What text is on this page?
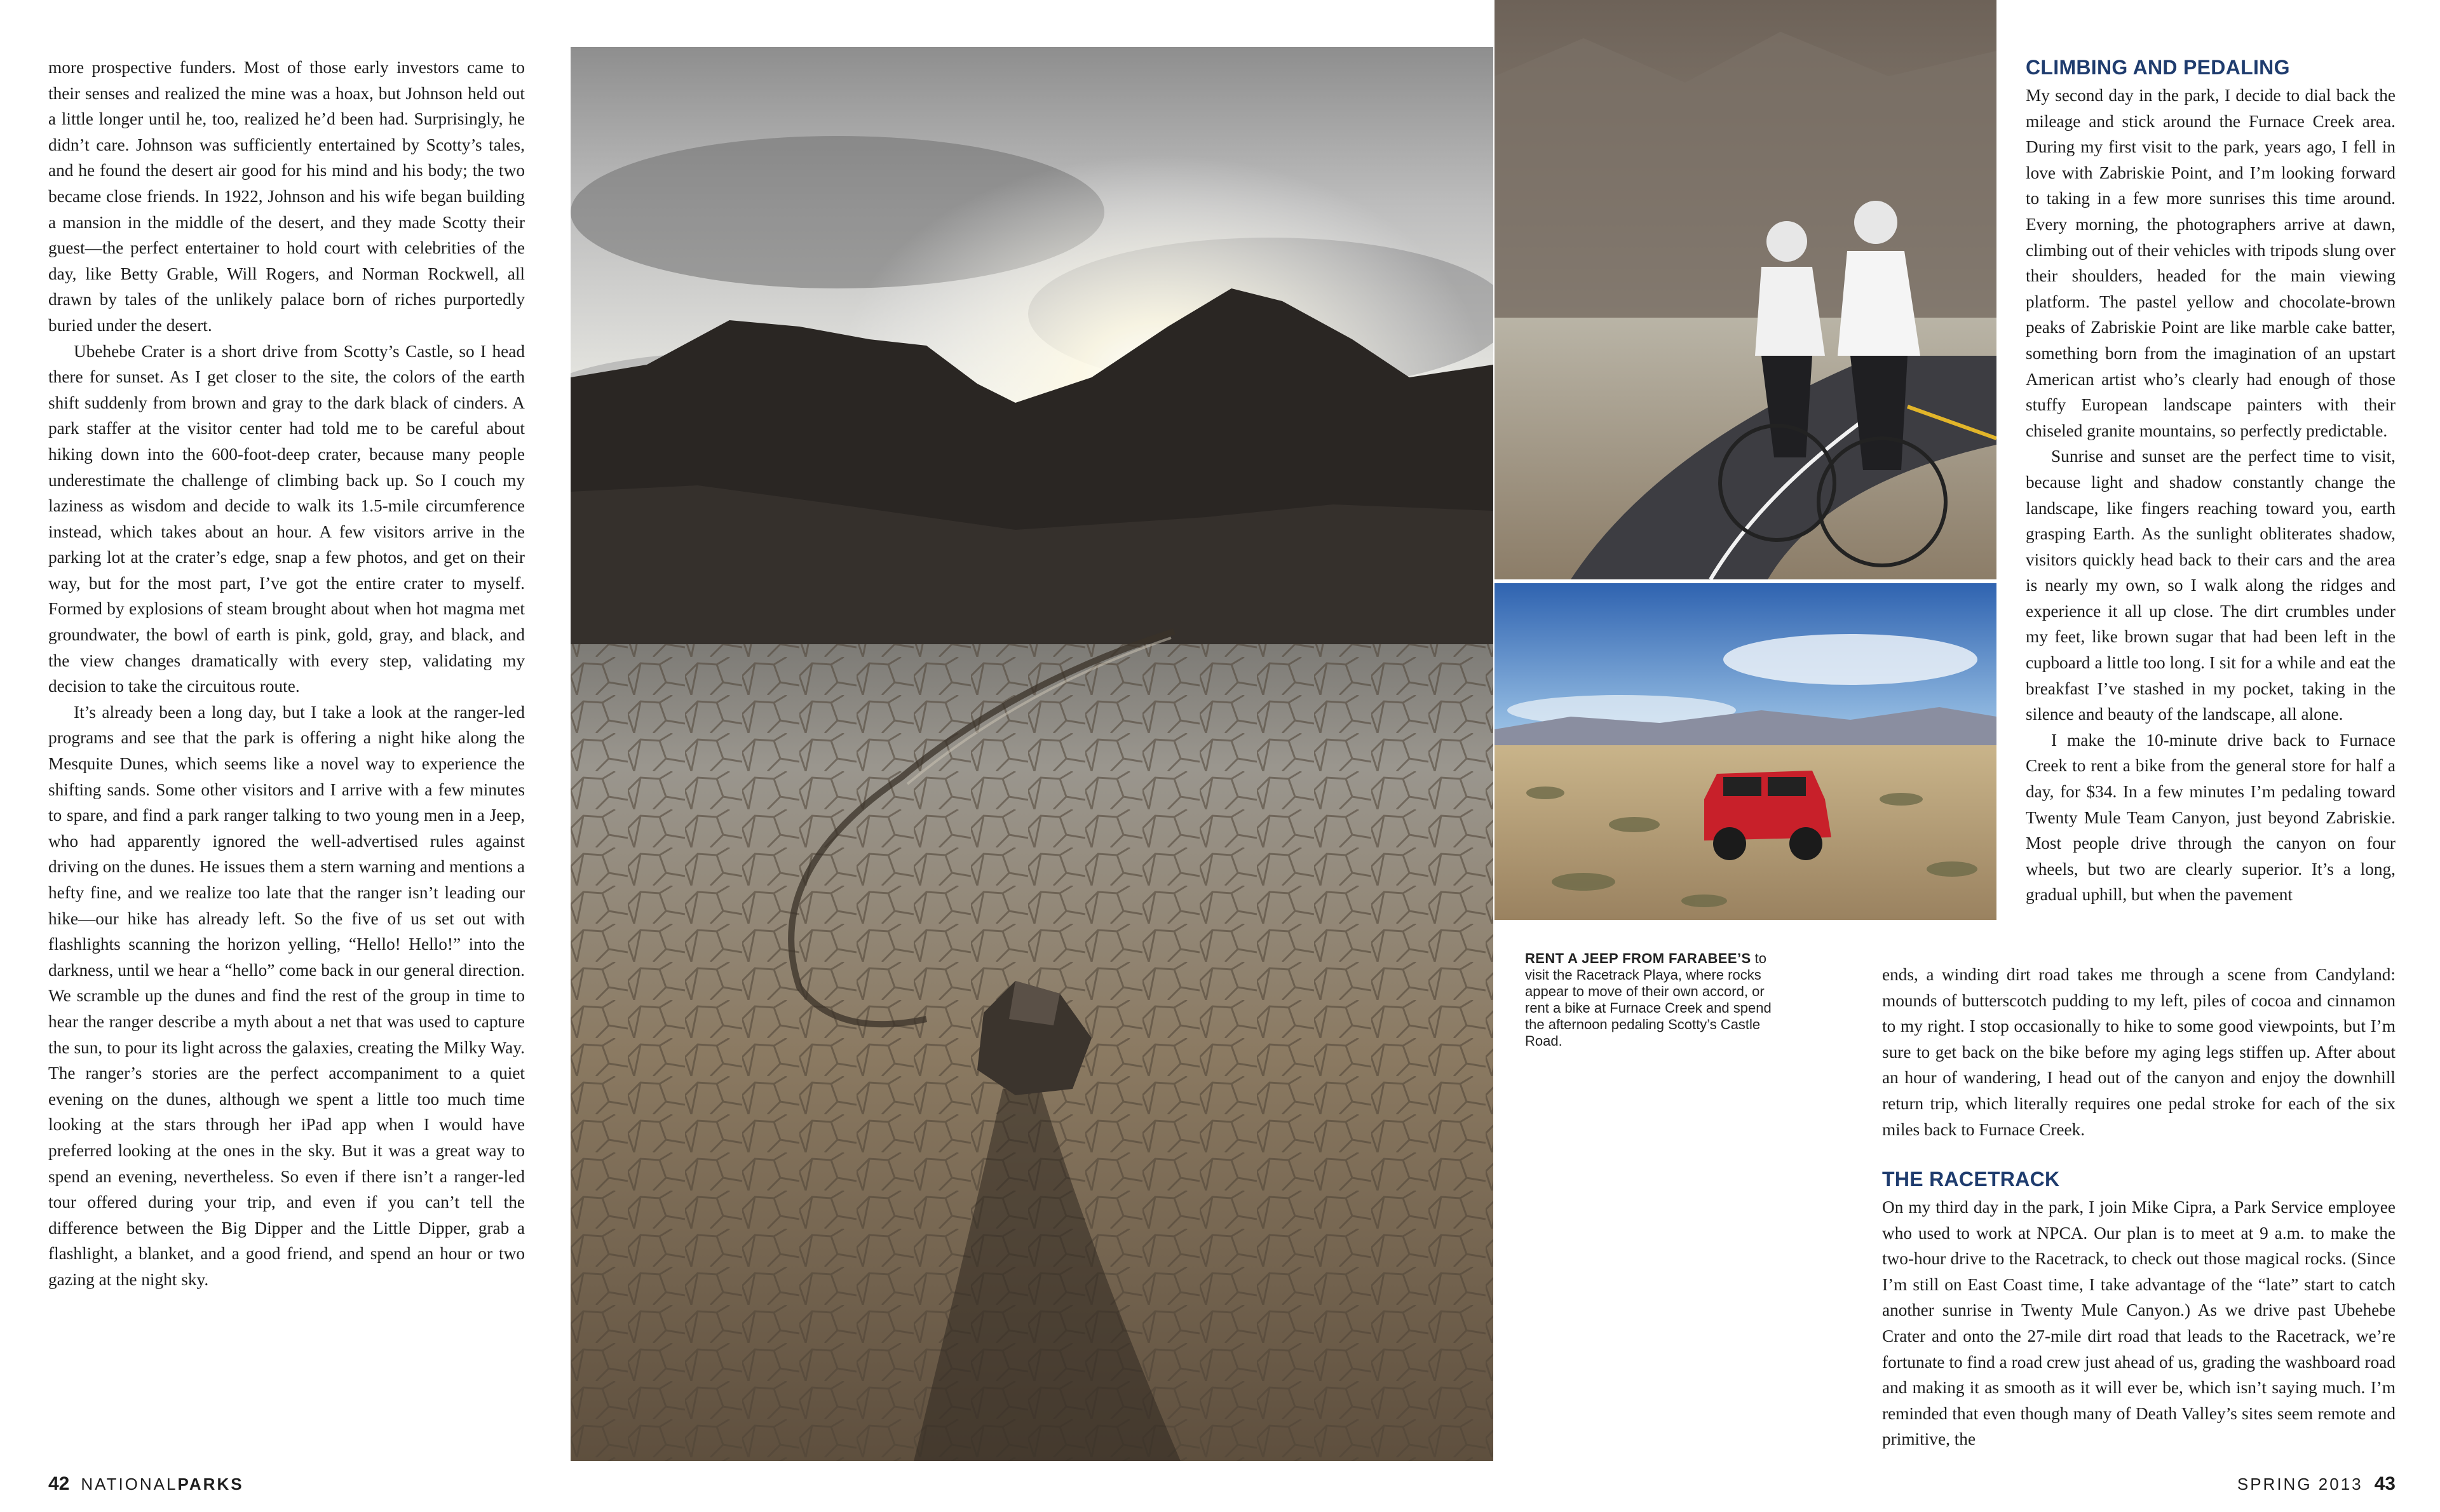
more prospective funders. Most of those early investors came to their senses and realized the mine was a hoax, but Johnson held out a little longer until he, too, realized he’d been had. Surprisingly, he didn’t care. Johnson was sufficiently entertained by Scotty’s tales, and he found the desert air good for his mind and his body; the two became close friends. In 1922, Johnson and his wife began building a mansion in the middle of the desert, and they made Scotty their guest—the perfect entertainer to hold court with celebrities of the day, like Betty Grable, Will Rogers, and Norman Rockwell, all drawn by tales of the unlikely palace born of riches purportedly buried under the desert.

Ubehebe Crater is a short drive from Scotty’s Castle, so I head there for sunset. As I get closer to the site, the colors of the earth shift suddenly from brown and gray to the dark black of cinders. A park staffer at the visitor center had told me to be careful about hiking down into the 600-foot-deep crater, because many people underestimate the challenge of climbing back up. So I couch my laziness as wisdom and decide to walk its 1.5-mile circumference instead, which takes about an hour. A few visitors arrive in the parking lot at the crater’s edge, snap a few photos, and get on their way, but for the most part, I’ve got the entire crater to myself. Formed by explosions of steam brought about when hot magma met groundwater, the bowl of earth is pink, gold, gray, and black, and the view changes dramatically with every step, validating my decision to take the circuitous route.

It’s already been a long day, but I take a look at the ranger-led programs and see that the park is offering a night hike along the Mesquite Dunes, which seems like a novel way to experience the shifting sands. Some other visitors and I arrive with a few minutes to spare, and find a park ranger talking to two young men in a Jeep, who had apparently ignored the well-advertised rules against driving on the dunes. He issues them a stern warning and mentions a hefty fine, and we realize too late that the ranger isn’t leading our hike—our hike has already left. So the five of us set out with flashlights scanning the horizon yelling, “Hello! Hello!” into the darkness, until we hear a “hello” come back in our general direction. We scramble up the dunes and find the rest of the group in time to hear the ranger describe a myth about a net that was used to capture the sun, to pour its light across the galaxies, creating the Milky Way. The ranger’s stories are the perfect accompaniment to a quiet evening on the dunes, although we spent a little too much time looking at the stars through her iPad app when I would have preferred looking at the ones in the sky. But it was a great way to spend an evening, nevertheless. So even if there isn’t a ranger-led tour offered during your trip, and even if you can’t tell the difference between the Big Dipper and the Little Dipper, grab a flashlight, a blanket, and a good friend, and spend an hour or two gazing at the night sky.

RENT A JEEP FROM FARABEE’S to visit the Racetrack Playa, where rocks appear to move of their own accord, or rent a bike at Furnace Creek and spend the afternoon pedaling Scotty’s Castle Road.
CLIMBING AND PEDALING

My second day in the park, I decide to dial back the mileage and stick around the Furnace Creek area. During my first visit to the park, years ago, I fell in love with Zabriskie Point, and I’m looking forward to taking in a few more sunrises this time around. Every morning, the photographers arrive at dawn, climbing out of their vehicles with tripods slung over their shoulders, headed for the main viewing platform. The pastel yellow and chocolate-brown peaks of Zabriskie Point are like marble cake batter, something born from the imagination of an upstart American artist who’s clearly had enough of those stuffy European landscape painters with their chiseled granite mountains, so perfectly predictable.

Sunrise and sunset are the perfect time to visit, because light and shadow constantly change the landscape, like fingers reaching toward you, earth grasping Earth. As the sunlight obliterates shadow, visitors quickly head back to their cars and the area is nearly my own, so I walk along the ridges and experience it all up close. The dirt crumbles under my feet, like brown sugar that had been left in the cupboard a little too long. I sit for a while and eat the breakfast I’ve stashed in my pocket, taking in the silence and beauty of the landscape, all alone.

I make the 10-minute drive back to Furnace Creek to rent a bike from the general store for half a day, for $34. In a few minutes I’m pedaling toward Twenty Mule Team Canyon, just beyond Zabriskie. Most people drive through the canyon on four wheels, but two are clearly superior. It’s a long, gradual uphill, but when the pavement

ends, a winding dirt road takes me through a scene from Candyland: mounds of butterscotch pudding to my left, piles of cocoa and cinnamon to my right. I stop occasionally to hike to some good viewpoints, but I’m sure to get back on the bike before my aging legs stiffen up. After about an hour of wandering, I head out of the canyon and enjoy the downhill return trip, which literally requires one pedal stroke for each of the six miles back to Furnace Creek.

THE RACETRACK

On my third day in the park, I join Mike Cipra, a Park Service employee who used to work at NPCA. Our plan is to meet at 9 a.m. to make the two-hour drive to the Racetrack, to check out those magical rocks. (Since I’m still on East Coast time, I take advantage of the “late” start to catch another sunrise in Twenty Mule Canyon.) As we drive past Ubehebe Crater and onto the 27-mile dirt road that leads to the Racetrack, we’re fortunate to find a road crew just ahead of us, grading the washboard road and making it as smooth as it will ever be, which isn’t saying much. I’m reminded that even though many of Death Valley’s sites seem remote and primitive, the

42 NATIONALPARKS	SPRING 2013 43
